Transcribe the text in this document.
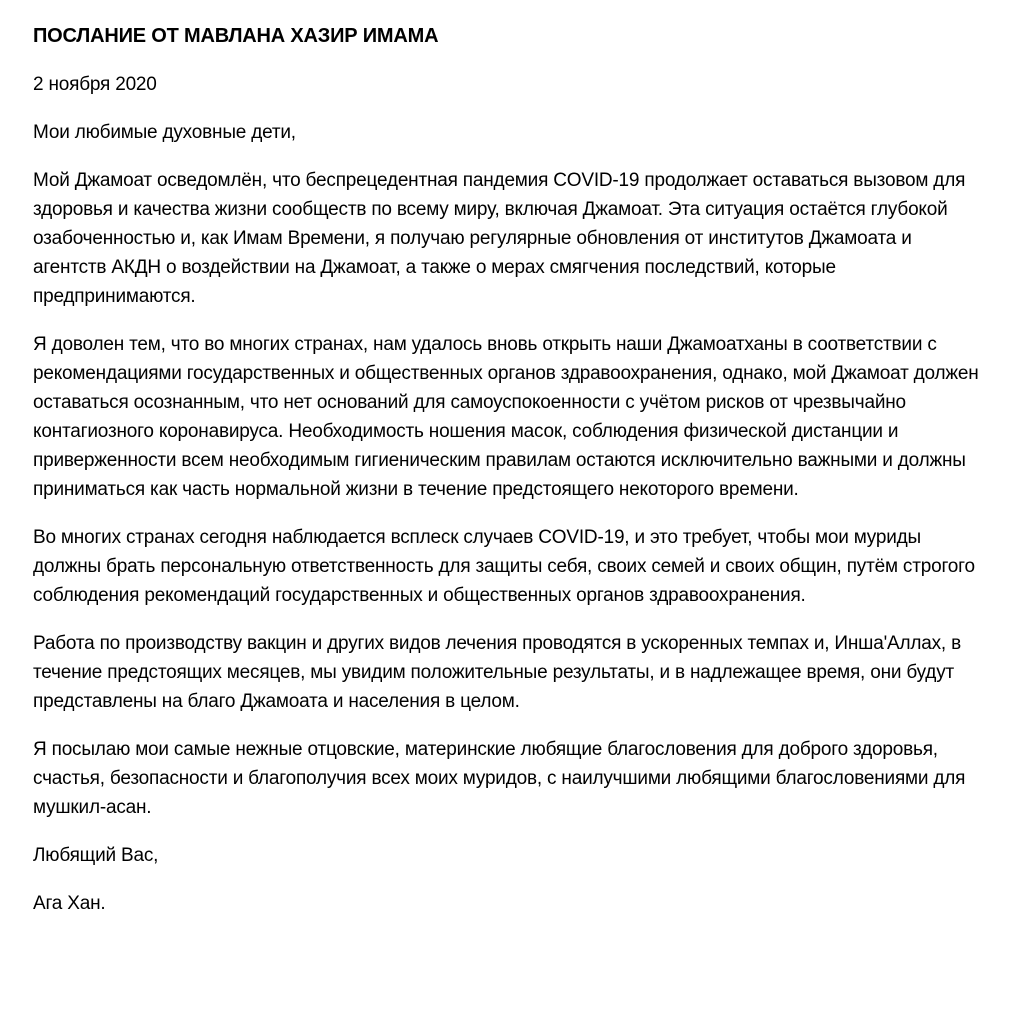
ПОСЛАНИЕ ОТ МАВЛАНА ХАЗИР ИМАМА

2 ноября 2020

Мои любимые духовные дети,

Мой Джамоат осведомлён, что беспрецедентная пандемия COVID-19 продолжает оставаться вызовом для здоровья и качества жизни сообществ по всему миру, включая Джамоат. Эта ситуация остаётся глубокой озабоченностью и, как Имам Времени, я получаю регулярные обновления от институтов Джамоата и агентств АКДН о воздействии на Джамоат, а также о мерах смягчения последствий, которые предпринимаются.

Я доволен тем, что во многих странах, нам удалось вновь открыть наши Джамоатханы в соответствии с рекомендациями государственных и общественных органов здравоохранения, однако, мой Джамоат должен оставаться осознанным, что нет оснований для самоуспокоенности с учётом рисков от чрезвычайно контагиозного коронавируса. Необходимость ношения масок, соблюдения физической дистанции и приверженности всем необходимым гигиеническим правилам остаются исключительно важными и должны приниматься как часть нормальной жизни в течение предстоящего некоторого времени.

Во многих странах сегодня наблюдается всплеск случаев COVID-19, и это требует, чтобы мои муриды должны брать персональную ответственность для защиты себя, своих семей и своих общин, путём строгого соблюдения рекомендаций государственных и общественных органов здравоохранения.

Работа по производству вакцин и других видов лечения проводятся в ускоренных темпах и, Инша'Аллах, в течение предстоящих месяцев, мы увидим положительные результаты, и в надлежащее время, они будут представлены на благо Джамоата и населения в целом.

Я посылаю мои самые нежные отцовские, материнские любящие благословения для доброго здоровья, счастья, безопасности и благополучия всех моих муридов, с наилучшими любящими благословениями для мушкил-асан.

Любящий Вас,

Ага Хан.
